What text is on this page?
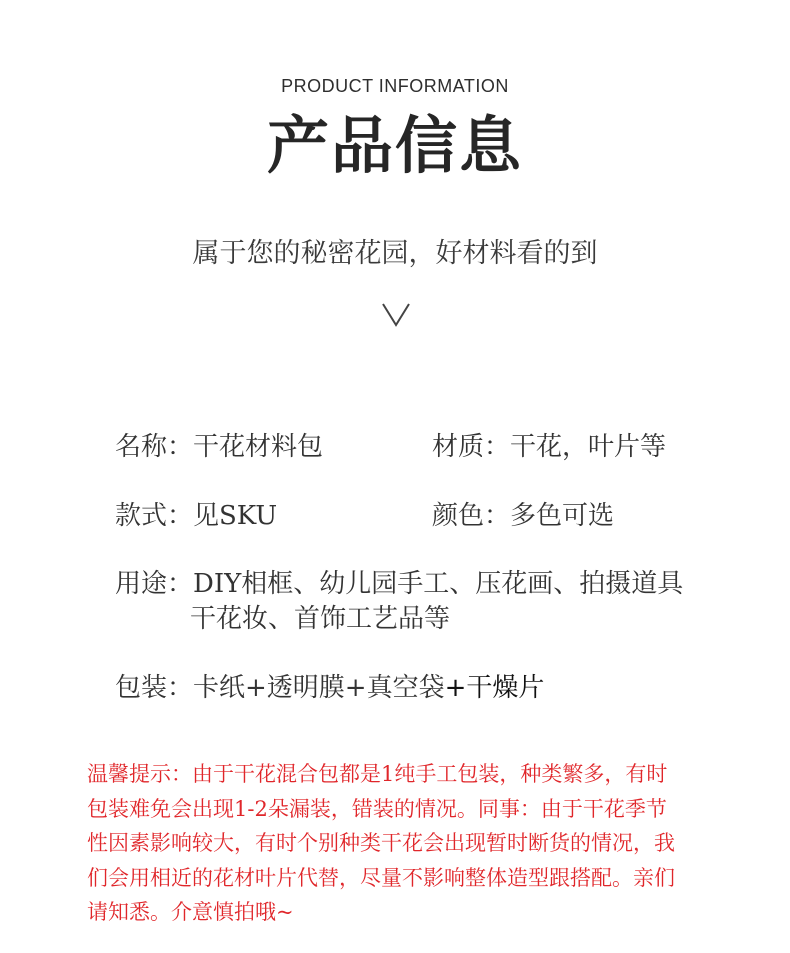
PRODUCT INFORMATION
产品信息
属于您的秘密花园，好材料看的到
名称：干花材料包	材质：干花，叶片等
款式：见SKU	颜色：多色可选
用途：DIY相框、幼儿园手工、压花画、拍摄道具
干花妆、首饰工艺品等
包装：卡纸+透明膜+真空袋+干燥片
温馨提示：由于干花混合包都是1纯手工包装，种类繁多，有时
包装难免会出现1-2朵漏装，错装的情况。同事：由于干花季节
性因素影响较大，有时个别种类干花会出现暂时断货的情况，我
们会用相近的花材叶片代替，尽量不影响整体造型跟搭配。亲们
请知悉。介意慎拍哦~
